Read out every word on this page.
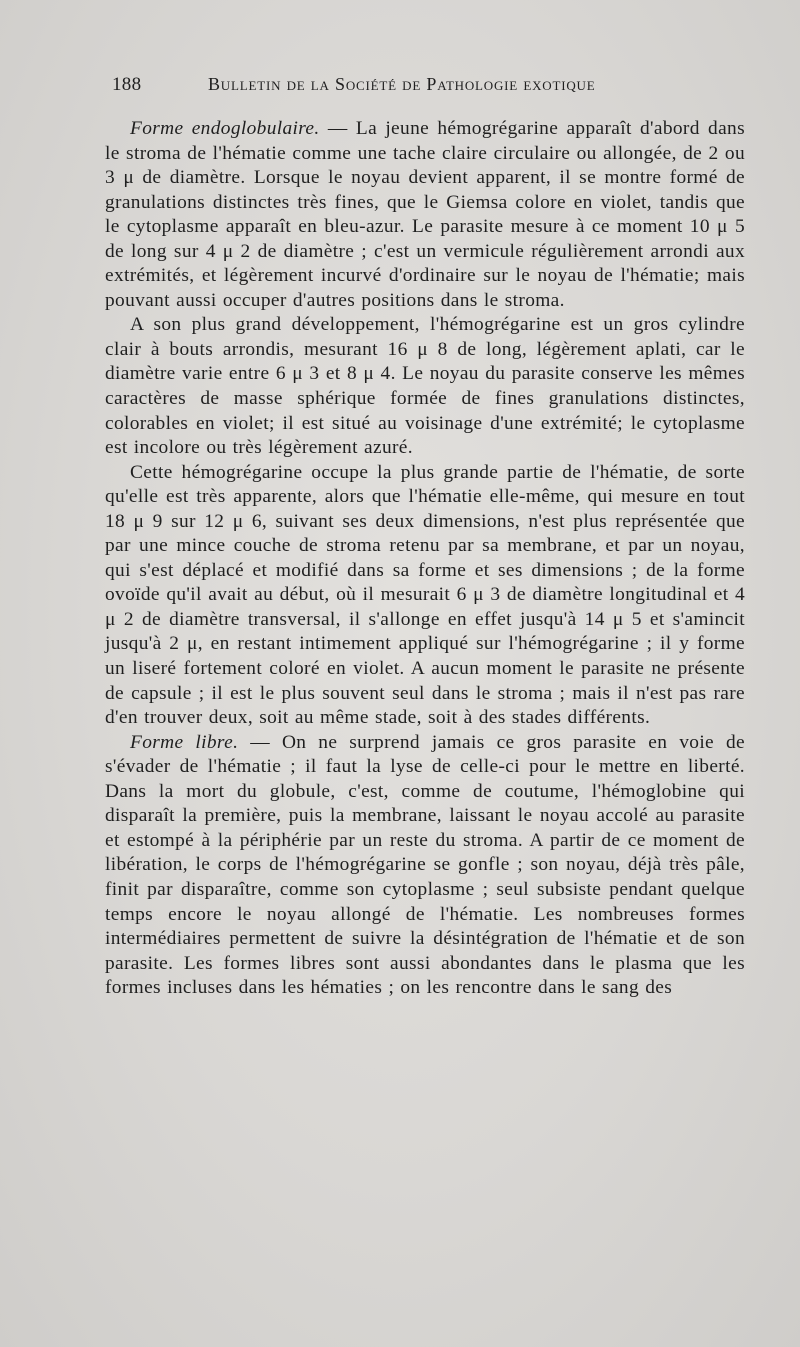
188	Bulletin de la Société de Pathologie exotique

Forme endoglobulaire. — La jeune hémogrégarine apparaît d'abord dans le stroma de l'hématie comme une tache claire circulaire ou allongée, de 2 ou 3 μ de diamètre. Lorsque le noyau devient apparent, il se montre formé de granulations distinctes très fines, que le Giemsa colore en violet, tandis que le cytoplasme apparaît en bleu-azur. Le parasite mesure à ce moment 10 μ 5 de long sur 4 μ 2 de diamètre ; c'est un vermicule régulièrement arrondi aux extrémités, et légèrement incurvé d'ordinaire sur le noyau de l'hématie; mais pouvant aussi occuper d'autres positions dans le stroma.

A son plus grand développement, l'hémogrégarine est un gros cylindre clair à bouts arrondis, mesurant 16 μ 8 de long, légèrement aplati, car le diamètre varie entre 6 μ 3 et 8 μ 4. Le noyau du parasite conserve les mêmes caractères de masse sphérique formée de fines granulations distinctes, colorables en violet; il est situé au voisinage d'une extrémité; le cytoplasme est incolore ou très légèrement azuré.

Cette hémogrégarine occupe la plus grande partie de l'hématie, de sorte qu'elle est très apparente, alors que l'hématie elle-même, qui mesure en tout 18 μ 9 sur 12 μ 6, suivant ses deux dimensions, n'est plus représentée que par une mince couche de stroma retenu par sa membrane, et par un noyau, qui s'est déplacé et modifié dans sa forme et ses dimensions ; de la forme ovoïde qu'il avait au début, où il mesurait 6 μ 3 de diamètre longitudinal et 4 μ 2 de diamètre transversal, il s'allonge en effet jusqu'à 14 μ 5 et s'amincit jusqu'à 2 μ, en restant intimement appliqué sur l'hémogrégarine ; il y forme un liseré fortement coloré en violet. A aucun moment le parasite ne présente de capsule ; il est le plus souvent seul dans le stroma ; mais il n'est pas rare d'en trouver deux, soit au même stade, soit à des stades différents.

Forme libre. — On ne surprend jamais ce gros parasite en voie de s'évader de l'hématie ; il faut la lyse de celle-ci pour le mettre en liberté. Dans la mort du globule, c'est, comme de coutume, l'hémoglobine qui disparaît la première, puis la membrane, laissant le noyau accolé au parasite et estompé à la périphérie par un reste du stroma. A partir de ce moment de libération, le corps de l'hémogrégarine se gonfle ; son noyau, déjà très pâle, finit par disparaître, comme son cytoplasme ; seul subsiste pendant quelque temps encore le noyau allongé de l'hématie. Les nombreuses formes intermédiaires permettent de suivre la désintégration de l'hématie et de son parasite. Les formes libres sont aussi abondantes dans le plasma que les formes incluses dans les hématies ; on les rencontre dans le sang des
